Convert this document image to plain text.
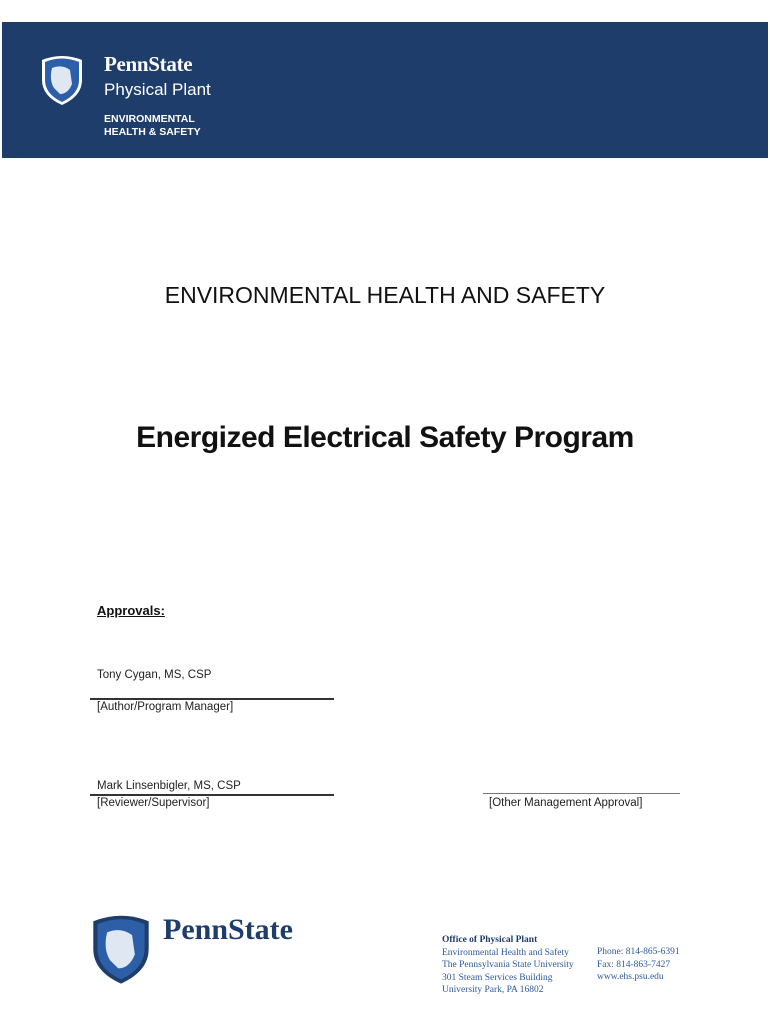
PennState
Physical Plant
ENVIRONMENTAL
HEALTH & SAFETY
ENVIRONMENTAL HEALTH AND SAFETY
Energized Electrical Safety Program
Approvals:
Tony Cygan, MS, CSP
[Author/Program Manager]
Mark Linsenbigler, MS, CSP
[Reviewer/Supervisor]	[Other Management Approval]
PennState	Office of Physical Plant
Environmental Health and Safety
The Pennsylvania State University
301 Steam Services Building
University Park, PA 16802
Phone: 814-865-6391
Fax: 814-863-7427
www.ehs.psu.edu
